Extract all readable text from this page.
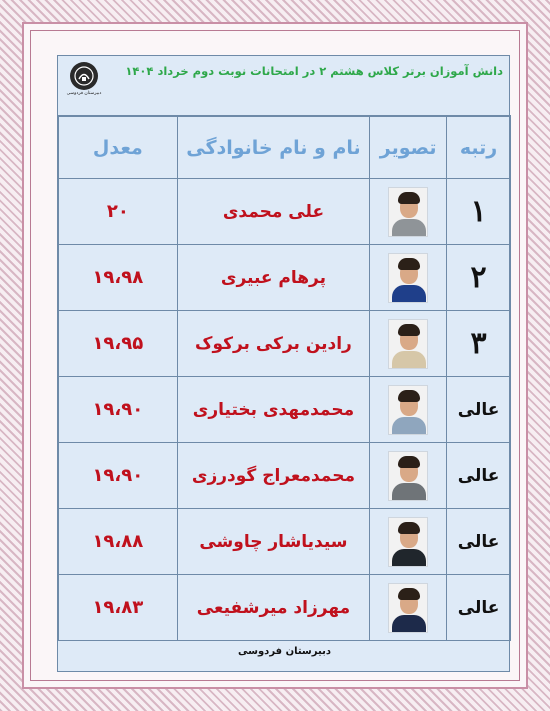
دبیرستان فردوسی
دانش آموزان برتر کلاس هشتم ۲ در امتحانات نوبت دوم خرداد ۱۴۰۴
رتبه	تصویر	نام و نام خانوادگی	معدل
۱		علی محمدی	۲۰
۲		پرهام عبیری	۱۹،۹۸
۳		رادین برکی برکوک	۱۹،۹۵
عالی		محمدمهدی بختیاری	۱۹،۹۰
عالی		محمدمعراج گودرزی	۱۹،۹۰
عالی		سیدیاشار چاوشی	۱۹،۸۸
عالی		مهرزاد میرشفیعی	۱۹،۸۳
دبیرستان فردوسی
